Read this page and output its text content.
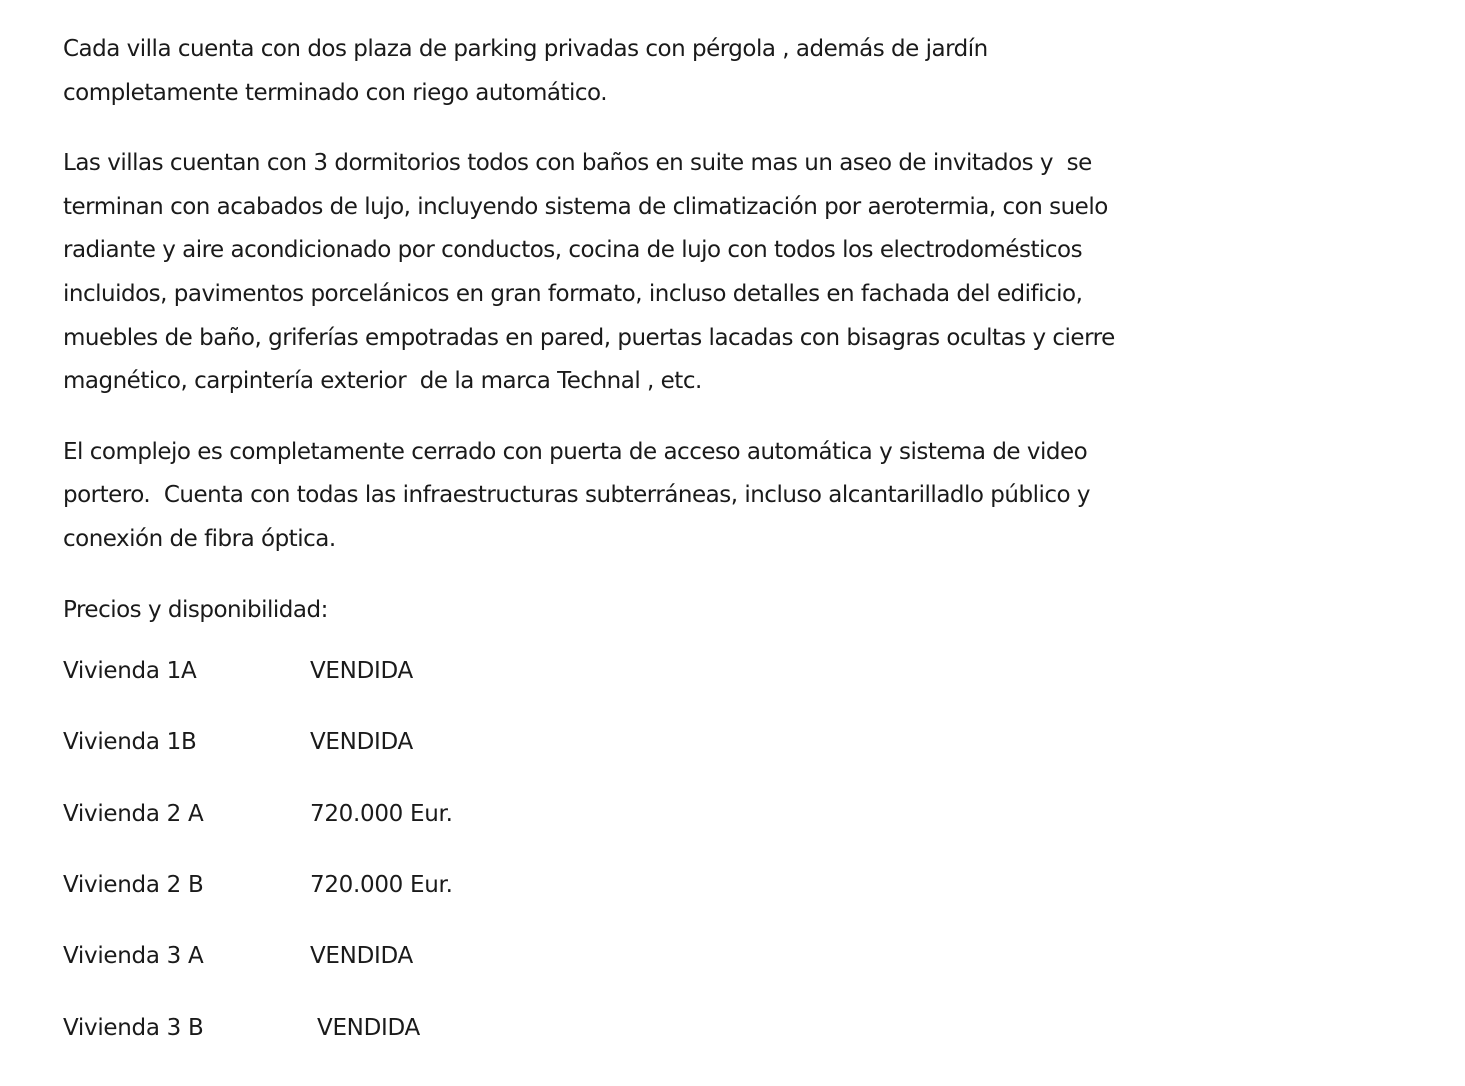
Cada villa cuenta con dos plaza de parking privadas con pérgola , además de jardín
completamente terminado con riego automático.

Las villas cuentan con 3 dormitorios todos con baños en suite mas un aseo de invitados y  se
terminan con acabados de lujo, incluyendo sistema de climatización por aerotermia, con suelo
radiante y aire acondicionado por conductos, cocina de lujo con todos los electrodomésticos
incluidos, pavimentos porcelánicos en gran formato, incluso detalles en fachada del edificio,
muebles de baño, griferías empotradas en pared, puertas lacadas con bisagras ocultas y cierre
magnético, carpintería exterior  de la marca Technal , etc.

El complejo es completamente cerrado con puerta de acceso automática y sistema de video
portero.  Cuenta con todas las infraestructuras subterráneas, incluso alcantarilladlo público y
conexión de fibra óptica.

Precios y disponibilidad:

Vivienda 1A	VENDIDA
Vivienda 1B	VENDIDA
Vivienda 2 A	720.000 Eur.
Vivienda 2 B	720.000 Eur.
Vivienda 3 A	VENDIDA
Vivienda 3 B	VENDIDA
